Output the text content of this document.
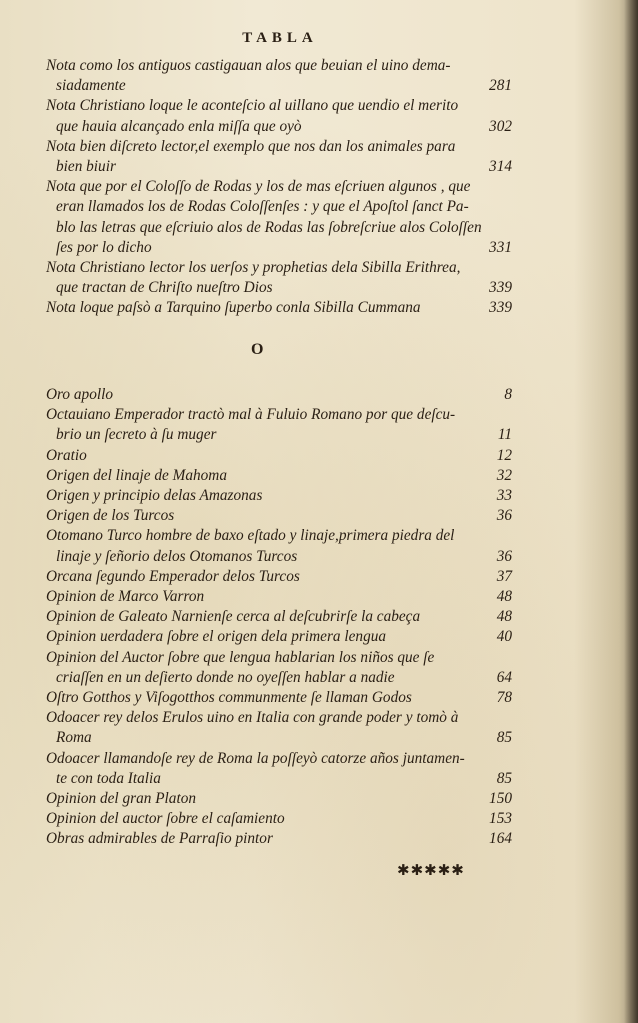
TABLA
Nota como los antiguos castigauan alos que beuian el uino dema-
siadamente	281
Nota Christiano loque le aconteſcio al uillano que uendio el merito
que hauia alcançado enla miſſa que oyò	302
Nota bien diſcreto lector,el exemplo que nos dan los animales para
bien biuir	314
Nota que por el Coloſſo de Rodas y los de mas eſcriuen algunos , que
eran llamados los de Rodas Coloſſenſes : y que el Apoſtol ſanct Pa-
blo las letras que eſcriuio alos de Rodas las ſobreſcriue alos Coloſſen
ſes por lo dicho	331
Nota Christiano lector los uerſos y prophetias dela Sibilla Erithrea,
que tractan de Chriſto nueſtro Dios	339
Nota loque paſsò a Tarquino ſuperbo conla Sibilla Cummana	339
O
Oro apollo	8
Octauiano Emperador tractò mal à Fuluio Romano por que deſcu-
brio un ſecreto à ſu muger	11
Oratio	12
Origen del linaje de Mahoma	32
Origen y principio delas Amazonas	33
Origen de los Turcos	36
Otomano Turco hombre de baxo eſtado y linaje,primera piedra del
linaje y ſeñorio delos Otomanos Turcos	36
Orcana ſegundo Emperador delos Turcos	37
Opinion de Marco Varron	48
Opinion de Galeato Narnienſe cerca al deſcubrirſe la cabeça	48
Opinion uerdadera ſobre el origen dela primera lengua	40
Opinion del Auctor ſobre que lengua hablarian los niños que ſe
criaſſen en un deſierto donde no oyeſſen hablar a nadie	64
Oſtro Gotthos y Viſogotthos communmente ſe llaman Godos	78
Odoacer rey delos Erulos uino en Italia con grande poder y tomò à
Roma	85
Odoacer llamandoſe rey de Roma la poſſeyò catorze años juntamen-
te con toda Italia	85
Opinion del gran Platon	150
Opinion del auctor ſobre el caſamiento	153
Obras admirables de Parraſio pintor	164
✱✱✱✱✱
